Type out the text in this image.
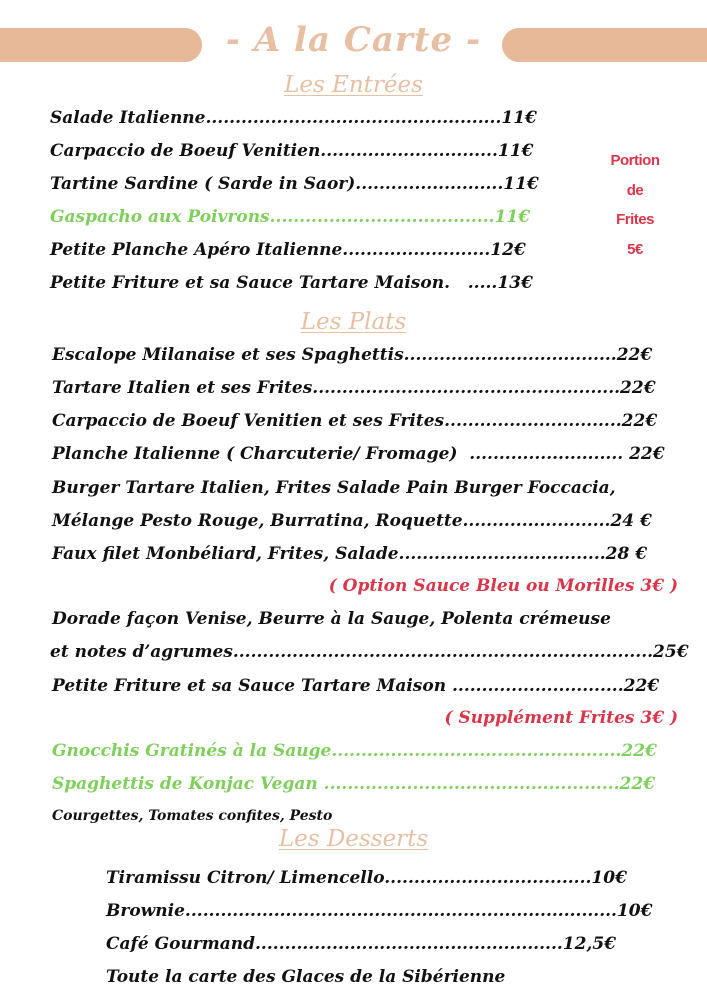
- A la Carte -
Les Entrées
Salade Italienne..................................................11€
Carpaccio de Boeuf Venitien..............................11€
Tartine Sardine ( Sarde in Saor).........................11€
Gaspacho aux Poivrons......................................11€
Petite Planche Apéro Italienne.........................12€
Petite Friture et sa Sauce Tartare Maison.   .....13€
Portion
de
Frites
5€
Les Plats
Escalope Milanaise et ses Spaghettis....................................22€
Tartare Italien et ses Frites....................................................22€
Carpaccio de Boeuf Venitien et ses Frites..............................22€
Planche Italienne ( Charcuterie/ Fromage)  .......................... 22€
Burger Tartare Italien, Frites Salade Pain Burger Foccacia,
Mélange Pesto Rouge, Burratina, Roquette.........................24 €
Faux filet Monbéliard, Frites, Salade...................................28 €
( Option Sauce Bleu ou Morilles 3€ )
Dorade façon Venise, Beurre à la Sauge, Polenta crémeuse
et notes d’agrumes.......................................................................25€
Petite Friture et sa Sauce Tartare Maison .............................22€
( Supplément Frites 3€ )
Gnocchis Gratinés à la Sauge.................................................22€
Spaghettis de Konjac Vegan ..................................................22€
Courgettes, Tomates confites, Pesto
Les Desserts
Tiramissu Citron/ Limencello...................................10€
Brownie.........................................................................10€
Café Gourmand....................................................12,5€
Toute la carte des Glaces de la Sibérienne
